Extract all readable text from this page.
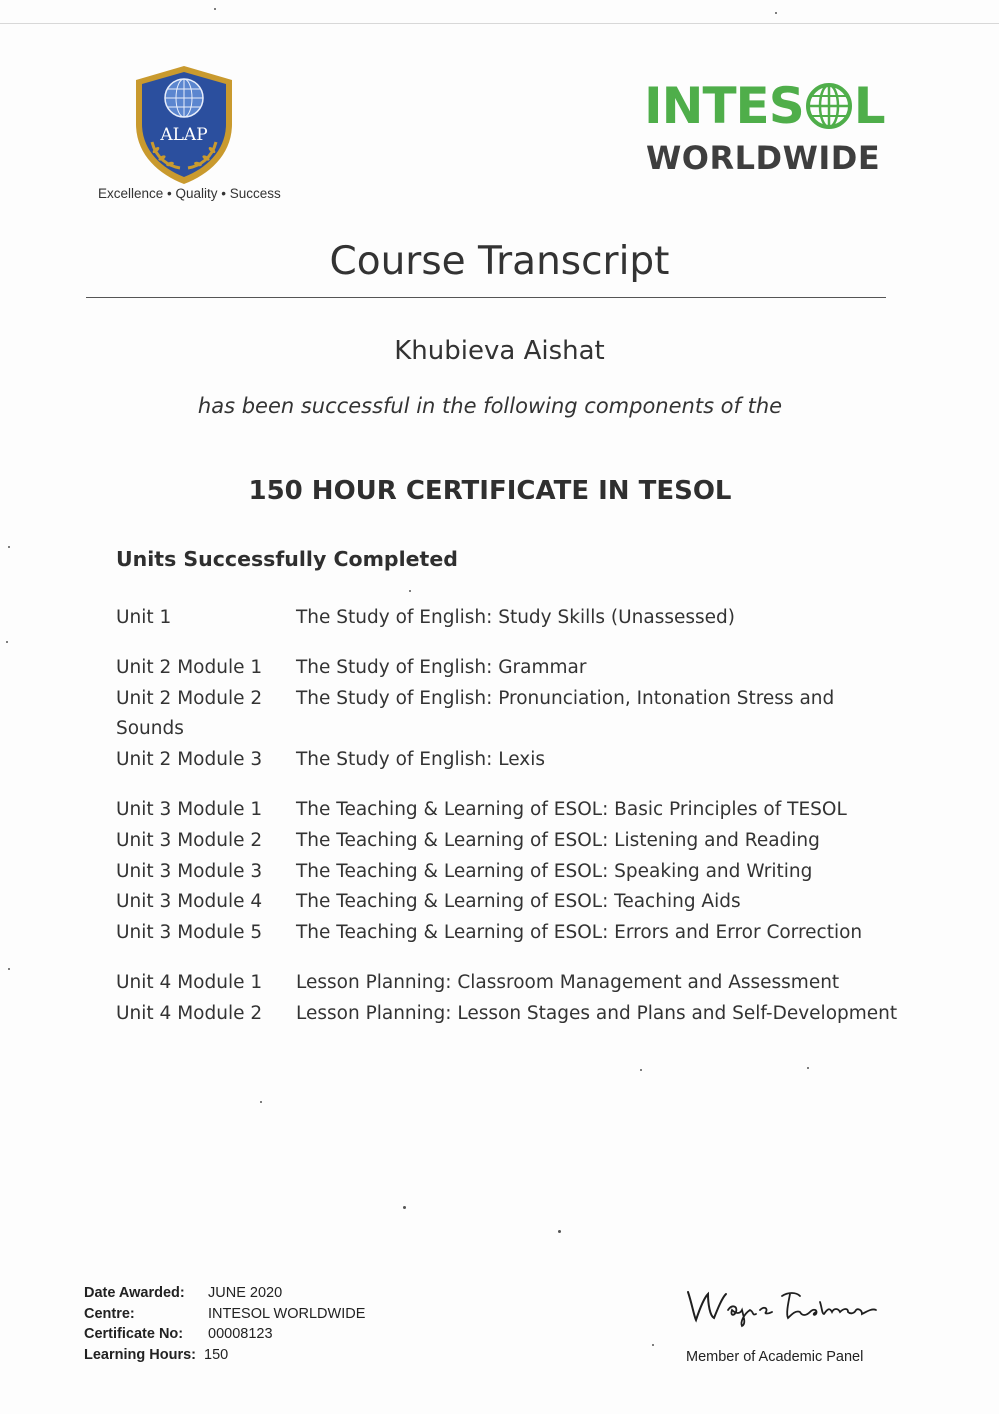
ALAP
Excellence • Quality • Success
INTES L
WORLDWIDE
Course Transcript
Khubieva Aishat
has been successful in the following components of the
150 HOUR CERTIFICATE IN TESOL
Units Successfully Completed
Unit 1	The Study of English: Study Skills (Unassessed)
Unit 2 Module 1	The Study of English: Grammar
Unit 2 Module 2	The Study of English: Pronunciation, Intonation Stress and
Sounds
Unit 2 Module 3	The Study of English: Lexis
Unit 3 Module 1	The Teaching & Learning of ESOL: Basic Principles of TESOL
Unit 3 Module 2	The Teaching & Learning of ESOL: Listening and Reading
Unit 3 Module 3	The Teaching & Learning of ESOL: Speaking and Writing
Unit 3 Module 4	The Teaching & Learning of ESOL: Teaching Aids
Unit 3 Module 5	The Teaching & Learning of ESOL: Errors and Error Correction
Unit 4 Module 1	Lesson Planning: Classroom Management and Assessment
Unit 4 Module 2	Lesson Planning: Lesson Stages and Plans and Self-Development
Date Awarded:	JUNE 2020
Centre:	INTESOL WORLDWIDE
Certificate No:	00008123
Learning Hours: 150	Member of Academic Panel
